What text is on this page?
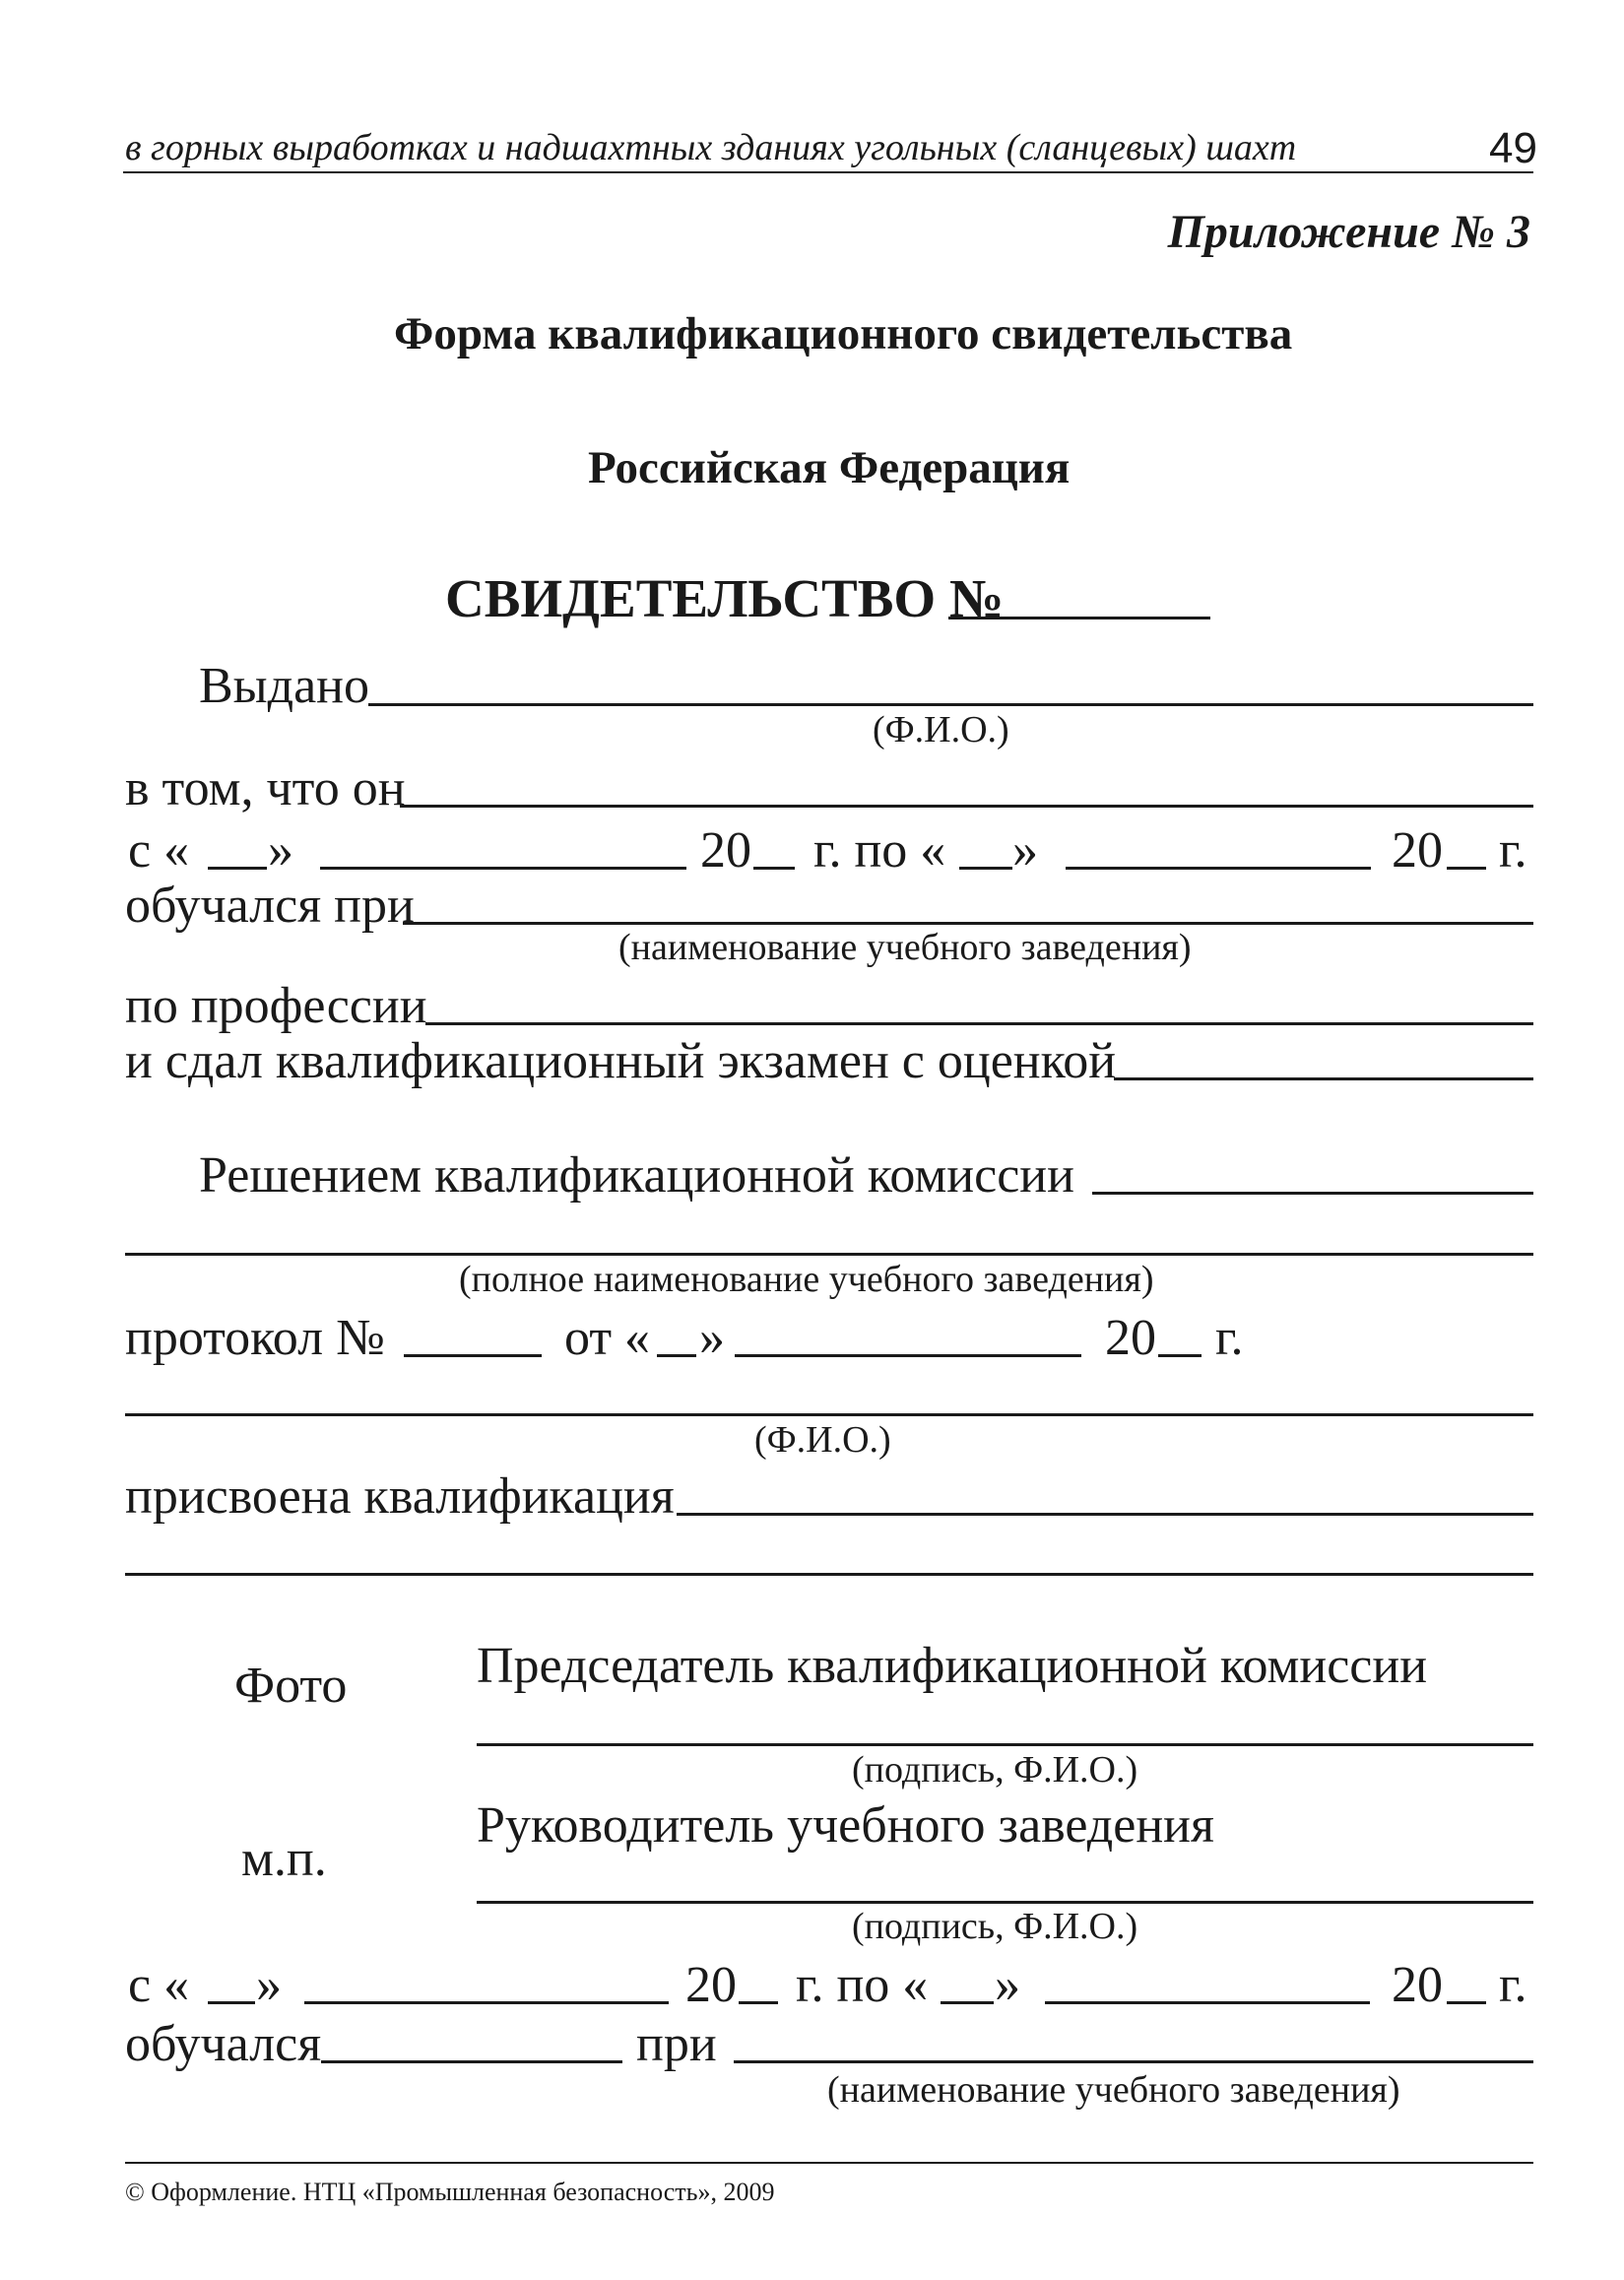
в горных выработках и надшахтных зданиях угольных (сланцевых) шахт	49
Приложение № 3
Форма квалификационного свидетельства
Российская Федерация
СВИДЕТЕЛЬСТВО №
Выдано
(Ф.И.О.)
в том, что он
с « »	20 г. по « »	20 г.
обучался при
(наименование учебного заведения)
по профессии
и сдал квалификационный экзамен с оценкой
Решением квалификационной комиссии
(полное наименование учебного заведения)
протокол №	от « »	20 г.
(Ф.И.О.)
присвоена квалификация
Фото	Председатель квалификационной комиссии
(подпись, Ф.И.О.)
м.п.
Руководитель учебного заведения
(подпись, Ф.И.О.)
с « »	20 г. по « »	20 г.
обучался	при
(наименование учебного заведения)
© Оформление. НТЦ «Промышленная безопасность», 2009
